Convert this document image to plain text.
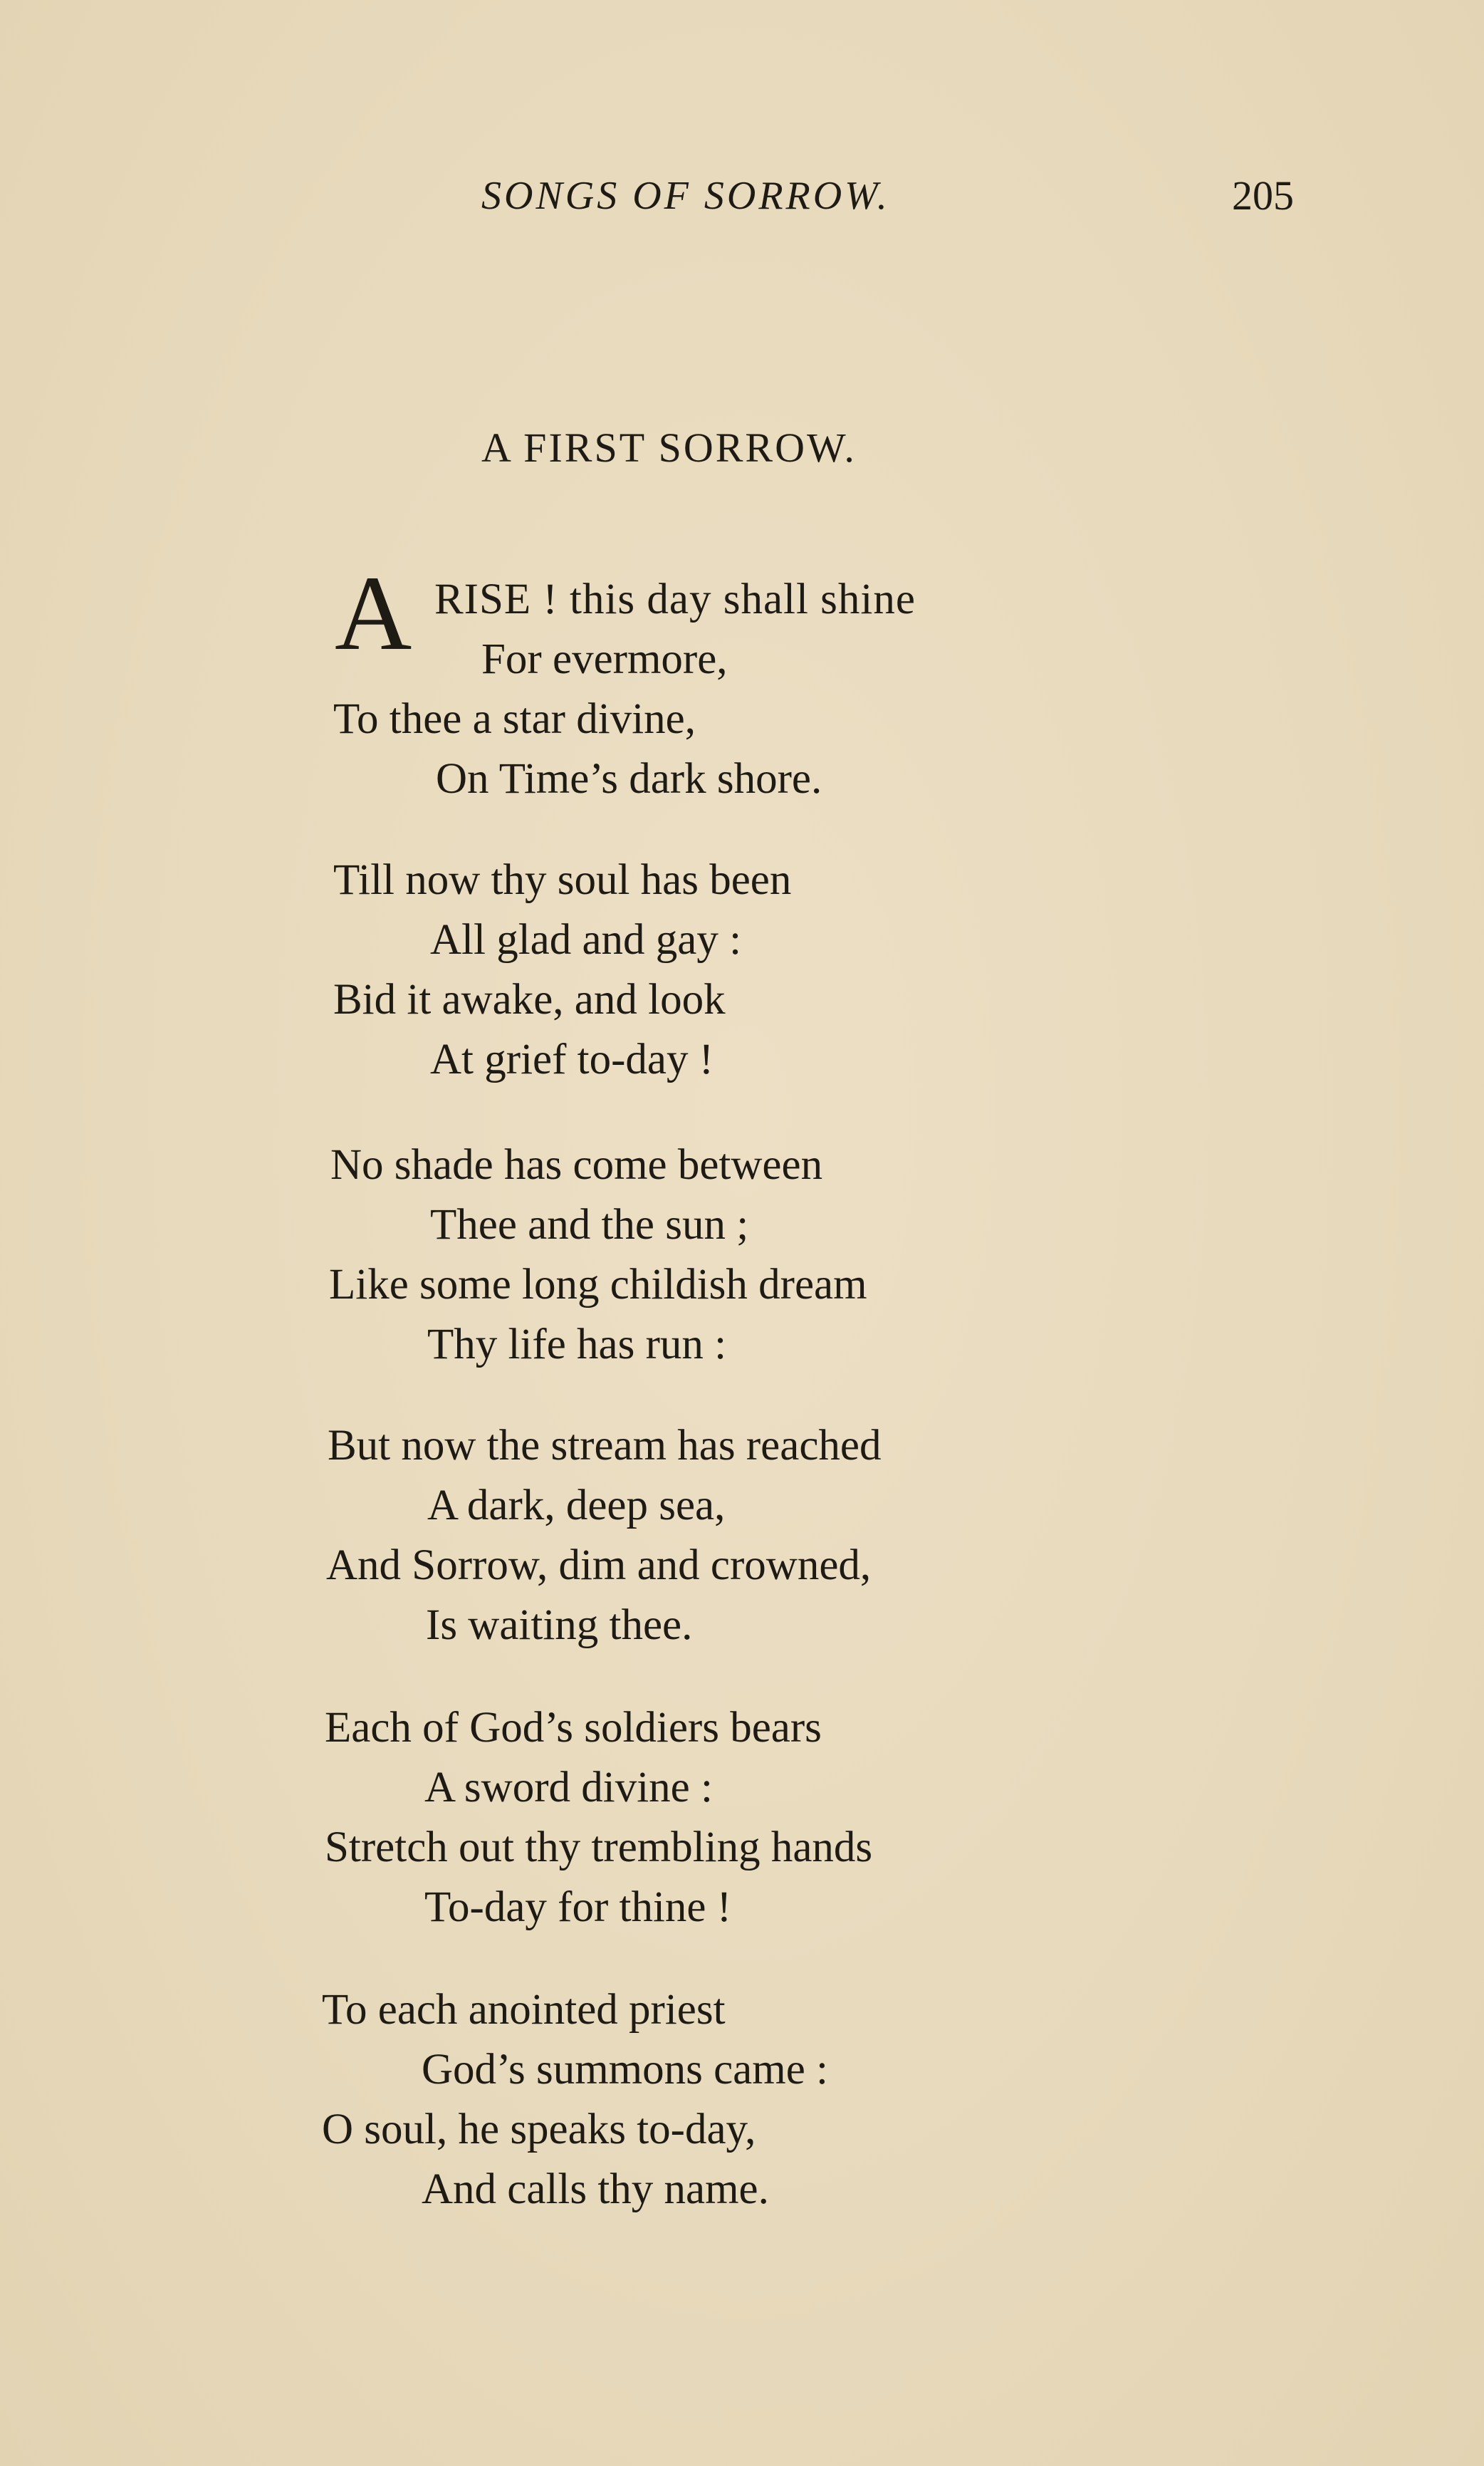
SONGS OF SORROW.	205
A FIRST SORROW.
A RISE ! this day shall shine
For evermore,
To thee a star divine,
On Time’s dark shore.
Till now thy soul has been
All glad and gay :
Bid it awake, and look
At grief to-day !
No shade has come between
Thee and the sun ;
Like some long childish dream
Thy life has run :
But now the stream has reached
A dark, deep sea,
And Sorrow, dim and crowned,
Is waiting thee.
Each of God’s soldiers bears
A sword divine :
Stretch out thy trembling hands
To-day for thine !
To each anointed priest
God’s summons came :
O soul, he speaks to-day,
And calls thy name.
